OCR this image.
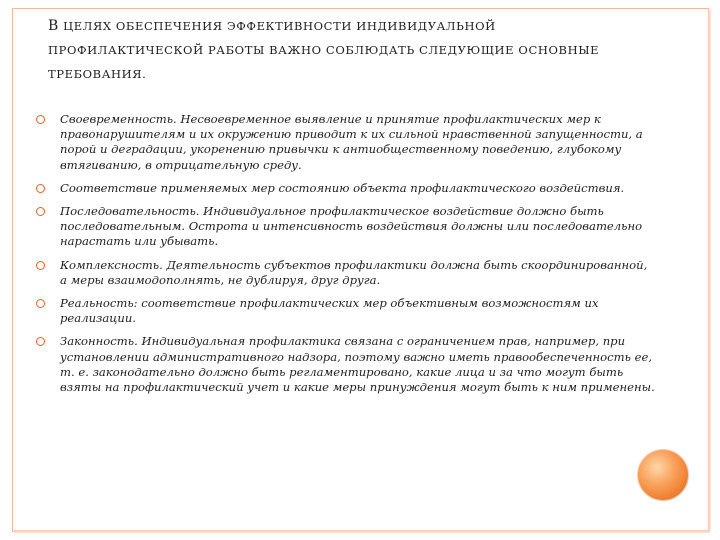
В ЦЕЛЯХ ОБЕСПЕЧЕНИЯ ЭФФЕКТИВНОСТИ ИНДИВИДУАЛЬНОЙ ПРОФИЛАКТИЧЕСКОЙ РАБОТЫ ВАЖНО СОБЛЮДАТЬ СЛЕДУЮЩИЕ ОСНОВНЫЕ ТРЕБОВАНИЯ.
Своевременность. Несвоевременное выявление и принятие профилактических мер к правонарушителям и их окружению приводит к их сильной нравственной запущенности, а порой и деградации, укоренению привычки к антиобщественному поведению, глубокому втягиванию, в отрицательную среду.
Соответствие применяемых мер состоянию объекта профилактического воздействия.
Последовательность. Индивидуальное профилактическое воздействие должно быть последовательным. Острота и интенсивность воздействия должны или последовательно нарастать или убывать.
Комплексность. Деятельность субъектов профилактики должна быть скоординированной, а меры взаимодополнять, не дублируя, друг друга.
Реальность: соответствие профилактических мер объективным возможностям их реализации.
Законность. Индивидуальная профилактика связана с ограничением прав, например, при установлении административного надзора, поэтому важно иметь правообеспеченность ее, т. е. законодательно должно быть регламентировано, какие лица и за что могут быть взяты на профилактический учет и какие меры принуждения могут быть к ним применены.
